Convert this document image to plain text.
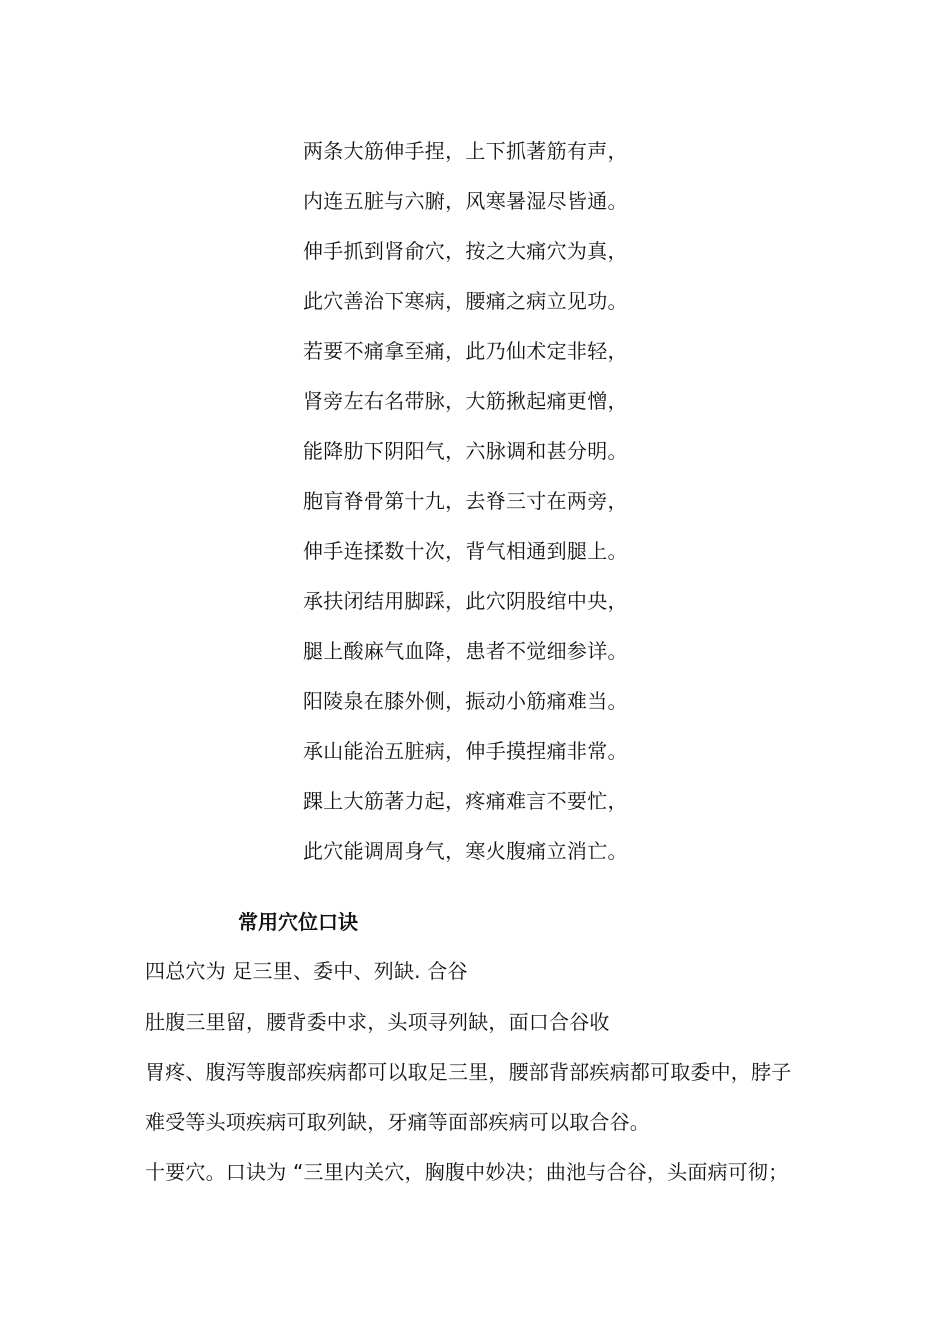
两条大筋伸手捏，上下抓著筋有声，
内连五脏与六腑，风寒暑湿尽皆通。
伸手抓到肾俞穴，按之大痛穴为真，
此穴善治下寒病，腰痛之病立见功。
若要不痛拿至痛，此乃仙术定非轻，
肾旁左右名带脉，大筋揪起痛更憎，
能降肋下阴阳气，六脉调和甚分明。
胞肓脊骨第十九，去脊三寸在两旁，
伸手连揉数十次，背气相通到腿上。
承扶闭结用脚踩，此穴阴股绾中央，
腿上酸麻气血降，患者不觉细参详。
阳陵泉在膝外侧，振动小筋痛难当。
承山能治五脏病，伸手摸捏痛非常。
踝上大筋著力起，疼痛难言不要忙，
此穴能调周身气，寒火腹痛立消亡。
常用穴位口诀
四总穴为 足三里、委中、列缺. 合谷
肚腹三里留，腰背委中求，头项寻列缺，面口合谷收
胃疼、腹泻等腹部疾病都可以取足三里，腰部背部疾病都可取委中，脖子
难受等头项疾病可取列缺，牙痛等面部疾病可以取合谷。
十要穴。口诀为 “三里内关穴，胸腹中妙决；曲池与合谷，头面病可彻；
